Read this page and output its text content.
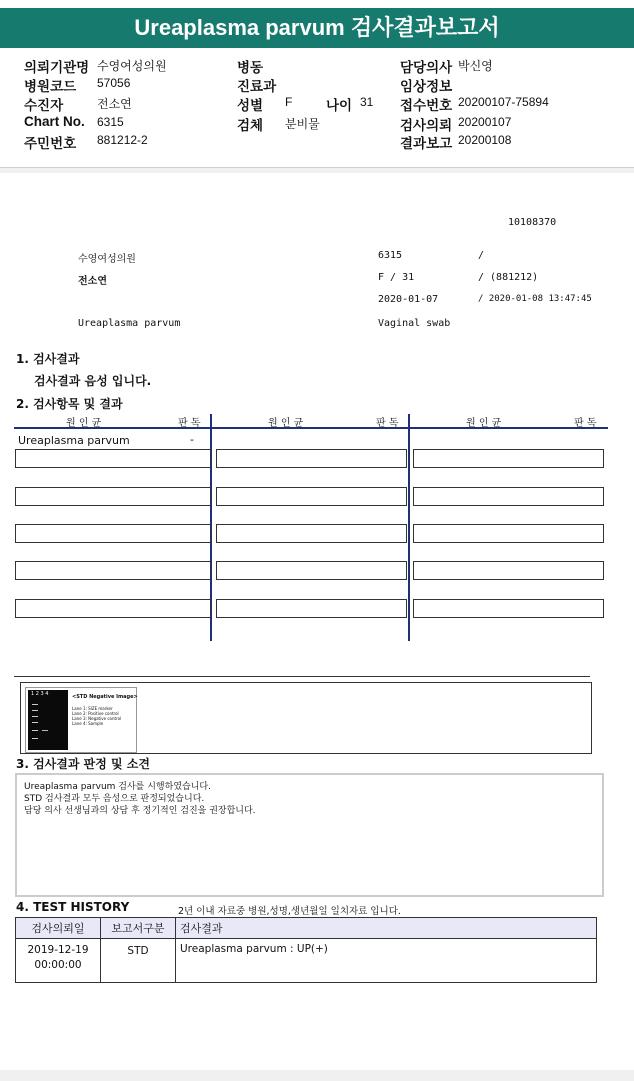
Ureaplasma parvum 검사결과보고서
의뢰기관명 수영여성의원	병동	담당의사 박신영
병원코드 57056	진료과	임상정보
수진자	전소연	성별 F 나이 31 접수번호 20200107-75894
Chart No. 6315	검체 분비물	검사의뢰 20200107
주민번호 881212-2	결과보고 20200108
10108370
수영여성의원	6315	/
전소연	F / 31	/ (881212)
2020-01-07	/ 2020-01-08 13:47:45
Ureaplasma parvum	Vaginal swab
1. 검사결과
검사결과 음성 입니다.
2. 검사항목 및 결과
원 인 균	판 독	원 인 균	판 독	원 인 균	판 독
Ureaplasma parvum	-
1 2 3 4	<STD Negative Image>
Lane 1: SIZE marker
Lane 2: Positive control
Lane 3: Negative control
Lane 4: Sample
3. 검사결과 판정 및 소견
Ureaplasma parvum 검사를 시행하였습니다.
STD 검사결과 모두 음성으로 판정되었습니다.
담당 의사 선생님과의 상담 후 정기적인 검진을 권장합니다.
4. TEST HISTORY	2년 이내 자료중 병원,성명,생년월일 일치자료 입니다.
검사의뢰일	보고서구분	검사결과

2019-12-19
00:00:00	STD	Ureaplasma parvum : UP(+)
